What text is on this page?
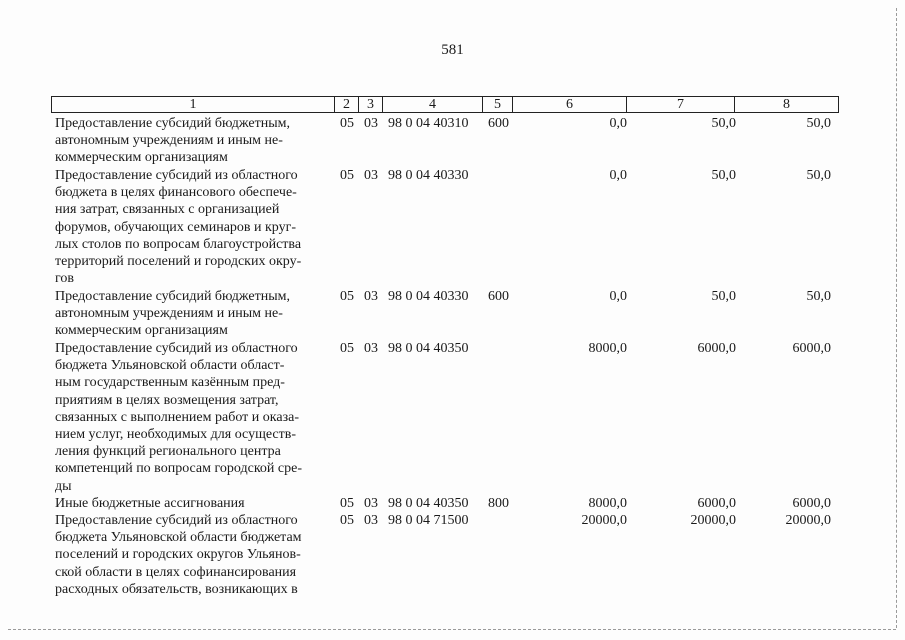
581
1	2	3	4	5	6	7	8
Предоставление субсидий бюджетным,
автономным учреждениям и иным не-
коммерческим организациям
05 03 98 0 04 40310 600	0,0	50,0	50,0
Предоставление субсидий из областного
бюджета в целях финансового обеспече-
ния затрат, связанных с организацией
форумов, обучающих семинаров и круг-
лых столов по вопросам благоустройства
территорий поселений и городских окру-
гов
05 03 98 0 04 40330	0,0	50,0	50,0
Предоставление субсидий бюджетным,
автономным учреждениям и иным не-
коммерческим организациям
05 03 98 0 04 40330 600	0,0	50,0	50,0
Предоставление субсидий из областного
бюджета Ульяновской области област-
ным государственным казённым пред-
приятиям в целях возмещения затрат,
связанных с выполнением работ и оказа-
нием услуг, необходимых для осуществ-
ления функций регионального центра
компетенций по вопросам городской сре-
ды
05 03 98 0 04 40350	8000,0	6000,0	6000,0
Иные бюджетные ассигнования	05 03 98 0 04 40350 800	8000,0	6000,0	6000,0
Предоставление субсидий из областного
бюджета Ульяновской области бюджетам
поселений и городских округов Ульянов-
ской области в целях софинансирования
расходных обязательств, возникающих в
05 03 98 0 04 71500	20000,0	20000,0	20000,0
